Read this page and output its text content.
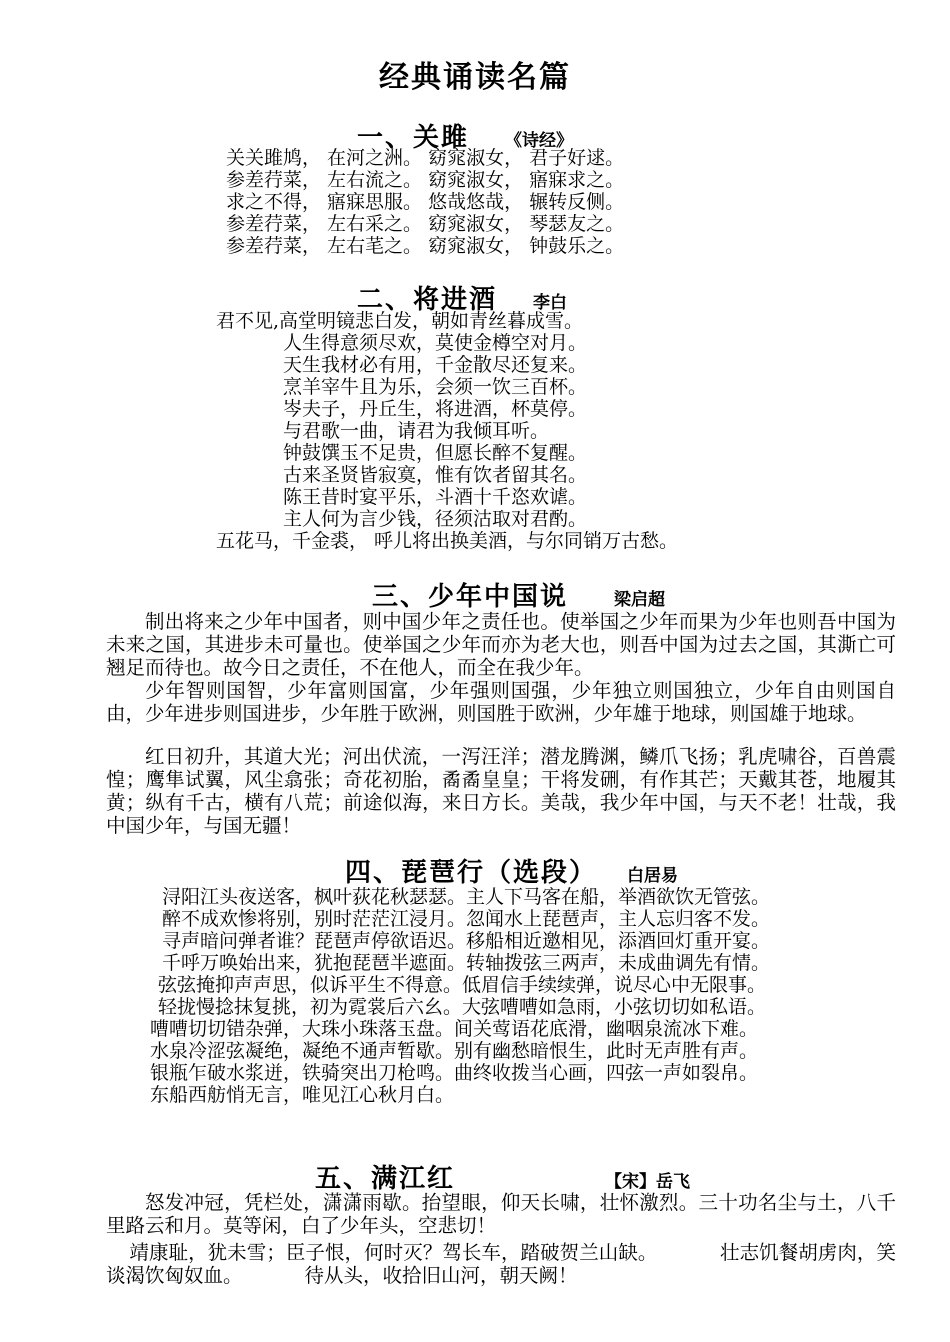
经典诵读名篇
一、关雎 《诗经》
关关雎鸠， 在河之洲。 窈窕淑女， 君子好逑。
参差荇菜， 左右流之。 窈窕淑女， 寤寐求之。
求之不得， 寤寐思服。 悠哉悠哉， 辗转反侧。
参差荇菜， 左右采之。 窈窕淑女， 琴瑟友之。
参差荇菜， 左右芼之。 窈窕淑女， 钟鼓乐之。
二、将进酒 李白
君不见,高堂明镜悲白发，朝如青丝暮成雪。
人生得意须尽欢，莫使金樽空对月。
天生我材必有用，千金散尽还复来。
烹羊宰牛且为乐，会须一饮三百杯。
岑夫子，丹丘生，将进酒，杯莫停。
与君歌一曲，请君为我倾耳听。
钟鼓馔玉不足贵，但愿长醉不复醒。
古来圣贤皆寂寞，惟有饮者留其名。
陈王昔时宴平乐，斗酒十千恣欢谑。
主人何为言少钱，径须沽取对君酌。
五花马，千金裘， 呼儿将出换美酒，与尔同销万古愁。
三、少年中国说	梁启超

制出将来之少年中国者，则中国少年之责任也。使举国之少年而果为少年也则吾中国为未来之国，其进步未可量也。使举国之少年而亦为老大也，则吾中国为过去之国，其澌亡可翘足而待也。故今日之责任，不在他人，而全在我少年。

少年智则国智，少年富则国富，少年强则国强，少年独立则国独立，少年自由则国自由，少年进步则国进步，少年胜于欧洲，则国胜于欧洲，少年雄于地球，则国雄于地球。

红日初升，其道大光；河出伏流，一泻汪洋；潜龙腾渊，鳞爪飞扬；乳虎啸谷，百兽震惶；鹰隼试翼，风尘翕张；奇花初胎，矞矞皇皇；干将发硎，有作其芒；天戴其苍，地履其黄；纵有千古，横有八荒；前途似海，来日方长。美哉，我少年中国，与天不老！壮哉，我中国少年，与国无疆！

四、琵琶行（选段） 白居易
浔阳江头夜送客，枫叶荻花秋瑟瑟。主人下马客在船，举酒欲饮无管弦。
醉不成欢惨将别，别时茫茫江浸月。忽闻水上琵琶声，主人忘归客不发。
寻声暗问弹者谁？琵琶声停欲语迟。移船相近邀相见，添酒回灯重开宴。
千呼万唤始出来，犹抱琵琶半遮面。转轴拨弦三两声，未成曲调先有情。
弦弦掩抑声声思，似诉平生不得意。低眉信手续续弹，说尽心中无限事。
轻拢慢捻抹复挑，初为霓裳后六幺。大弦嘈嘈如急雨，小弦切切如私语。
嘈嘈切切错杂弹，大珠小珠落玉盘。间关莺语花底滑，幽咽泉流冰下难。
水泉冷涩弦凝绝，凝绝不通声暂歇。别有幽愁暗恨生，此时无声胜有声。
银瓶乍破水浆迸，铁骑突出刀枪鸣。曲终收拨当心画，四弦一声如裂帛。
东船西舫悄无言，唯见江心秋月白。
五、满江红	【宋】岳飞

怒发冲冠，凭栏处，潇潇雨歇。抬望眼，仰天长啸，壮怀激烈。三十功名尘与土，八千里路云和月。莫等闲，白了少年头，空悲切！

靖康耻，犹未雪；臣子恨，何时灭？驾长车，踏破贺兰山缺。          壮志饥餐胡虏肉，笑谈渴饮匈奴血。          待从头，收拾旧山河，朝天阙！
